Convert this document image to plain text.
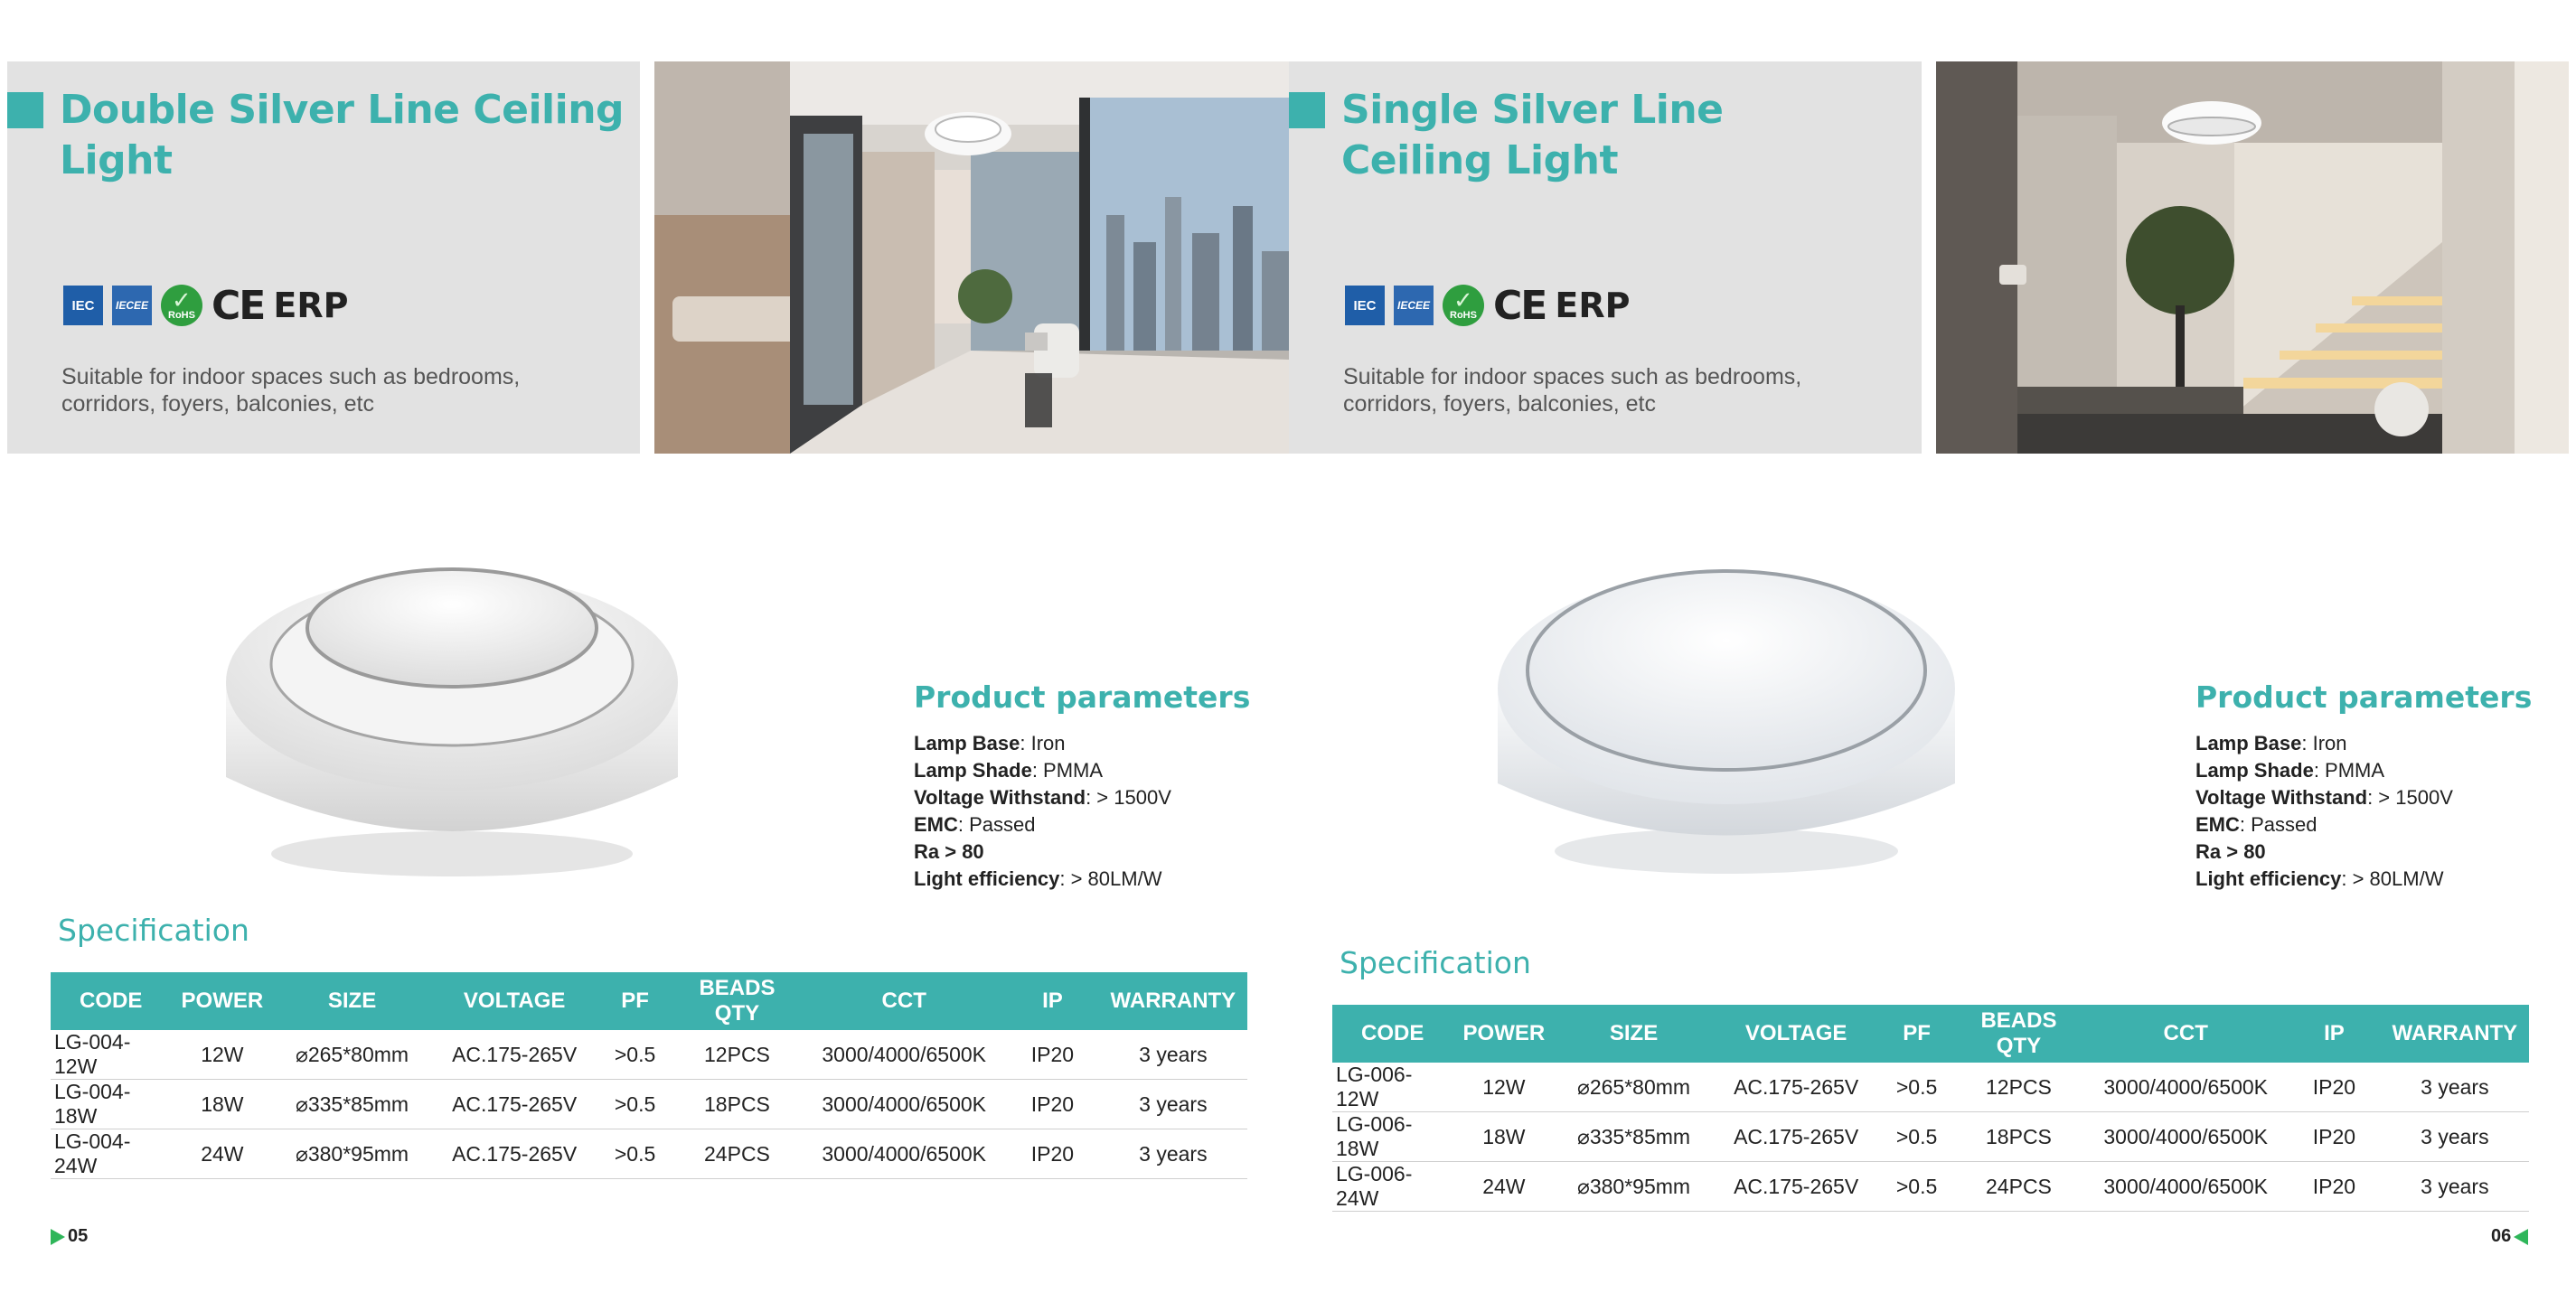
Double Silver Line Ceiling Light
IEC	IECEE
✓ RoHS CE ERP
Suitable for indoor spaces such as bedrooms,
corridors, foyers, balconies, etc
Product parameters
Lamp Base: Iron
Lamp Shade: PMMA
Voltage Withstand: > 1500V
EMC: Passed
Ra > 80
Light efficiency: > 80LM/W
Specification
CODE	POWER	SIZE	VOLTAGE	PF	BEADS QTY	CCT	IP	WARRANTY
LG-004-12W	12W	⌀265*80mm	AC.175-265V	>0.5	12PCS	3000/4000/6500K	IP20	3 years
LG-004-18W	18W	⌀335*85mm	AC.175-265V	>0.5	18PCS	3000/4000/6500K	IP20	3 years
LG-004-24W	24W	⌀380*95mm	AC.175-265V	>0.5	24PCS	3000/4000/6500K	IP20	3 years
05
Single Silver Line
Ceiling Light
IEC	IECEE
✓ RoHS CE ERP
Suitable for indoor spaces such as bedrooms,
corridors, foyers, balconies, etc
Product parameters
Lamp Base: Iron
Lamp Shade: PMMA
Voltage Withstand: > 1500V
EMC: Passed
Ra > 80
Light efficiency: > 80LM/W
Specification
CODE	POWER	SIZE	VOLTAGE	PF	BEADS QTY	CCT	IP	WARRANTY
LG-006-12W	12W	⌀265*80mm	AC.175-265V	>0.5	12PCS	3000/4000/6500K	IP20	3 years
LG-006-18W	18W	⌀335*85mm	AC.175-265V	>0.5	18PCS	3000/4000/6500K	IP20	3 years
LG-006-24W	24W	⌀380*95mm	AC.175-265V	>0.5	24PCS	3000/4000/6500K	IP20	3 years
06
